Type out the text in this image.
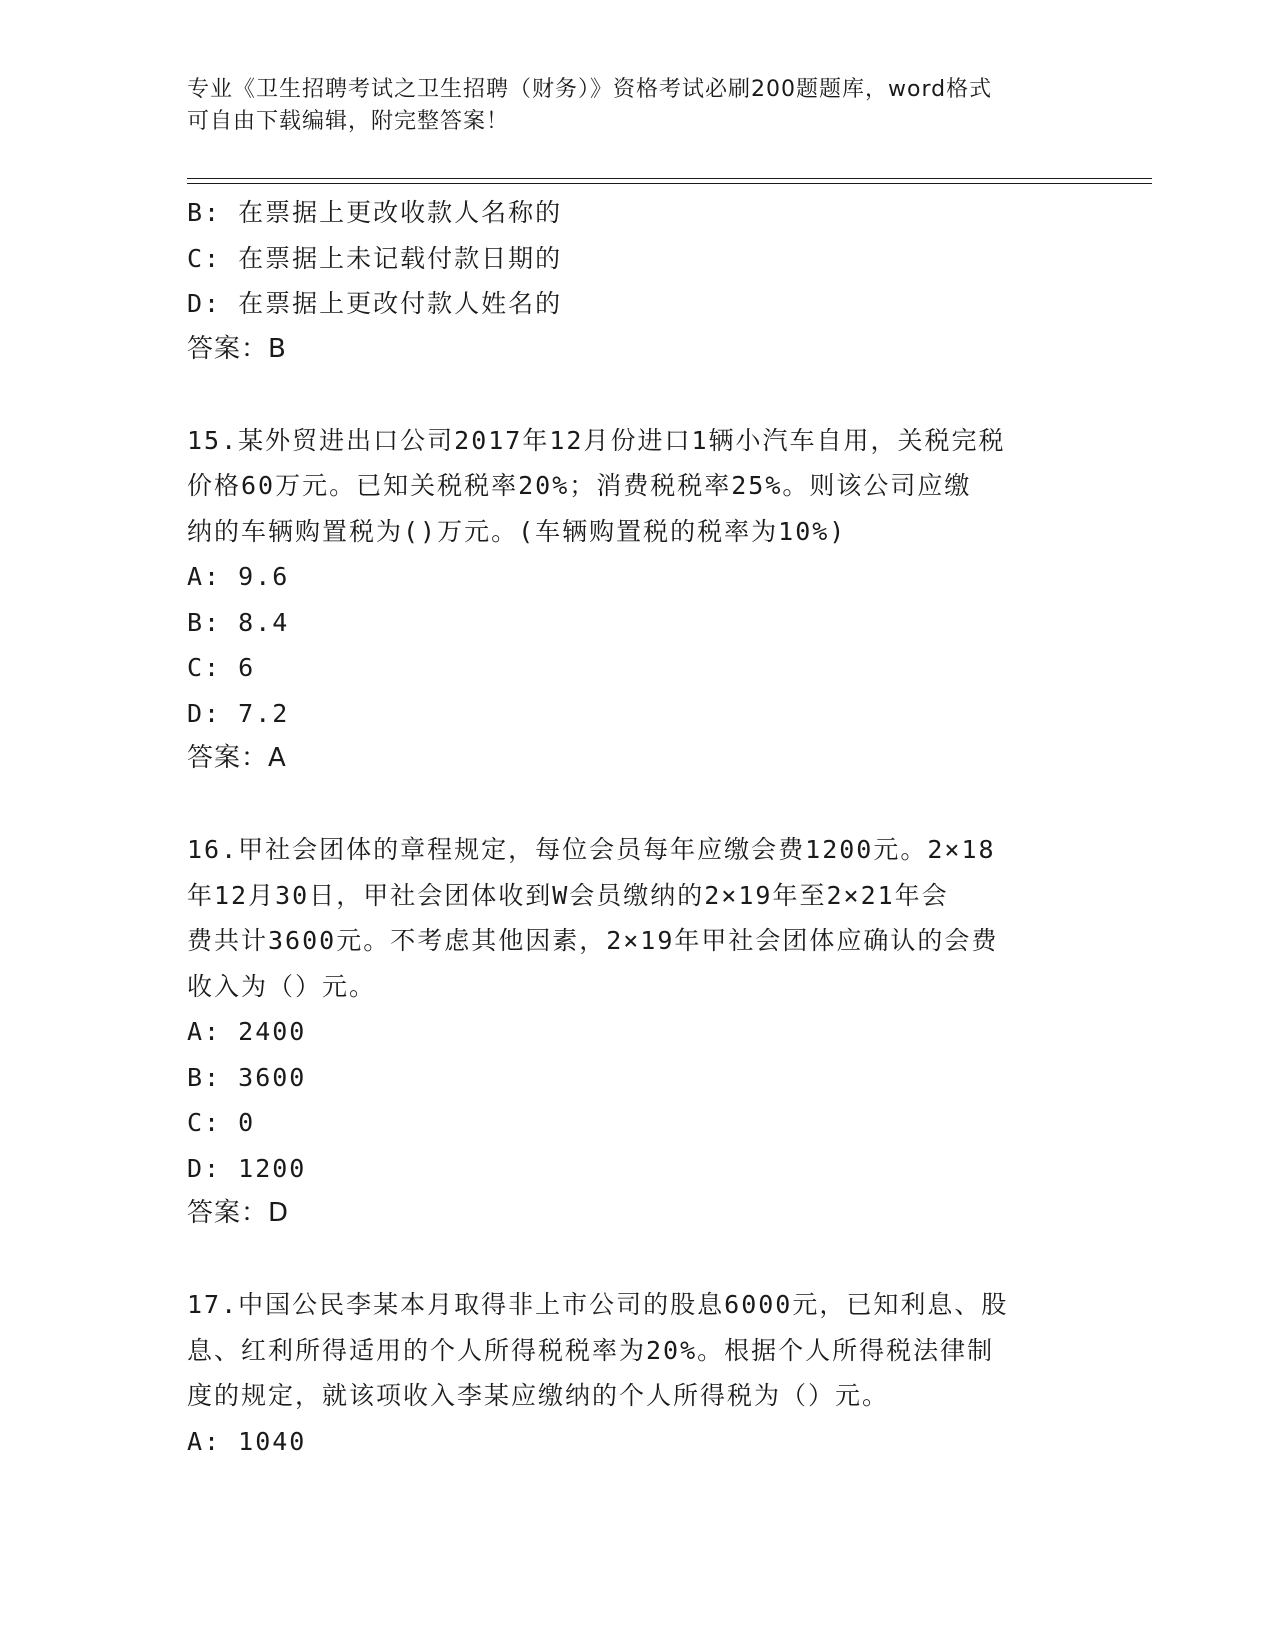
专业《卫生招聘考试之卫生招聘（财务）》资格考试必刷200题题库，word格式
可自由下载编辑，附完整答案！
B: 在票据上更改收款人名称的
C: 在票据上未记载付款日期的
D: 在票据上更改付款人姓名的
答案：B
15.某外贸进出口公司2017年12月份进口1辆小汽车自用，关税完税
价格60万元。已知关税税率20%；消费税税率25%。则该公司应缴
纳的车辆购置税为()万元。(车辆购置税的税率为10%)
A: 9.6
B: 8.4
C: 6
D: 7.2
答案：A
16.甲社会团体的章程规定，每位会员每年应缴会费1200元。2×18
年12月30日，甲社会团体收到W会员缴纳的2×19年至2×21年会
费共计3600元。不考虑其他因素，2×19年甲社会团体应确认的会费
收入为（）元。
A: 2400
B: 3600
C: 0
D: 1200
答案：D
17.中国公民李某本月取得非上市公司的股息6000元，已知利息、股
息、红利所得适用的个人所得税税率为20%。根据个人所得税法律制
度的规定，就该项收入李某应缴纳的个人所得税为（）元。
A: 1040
